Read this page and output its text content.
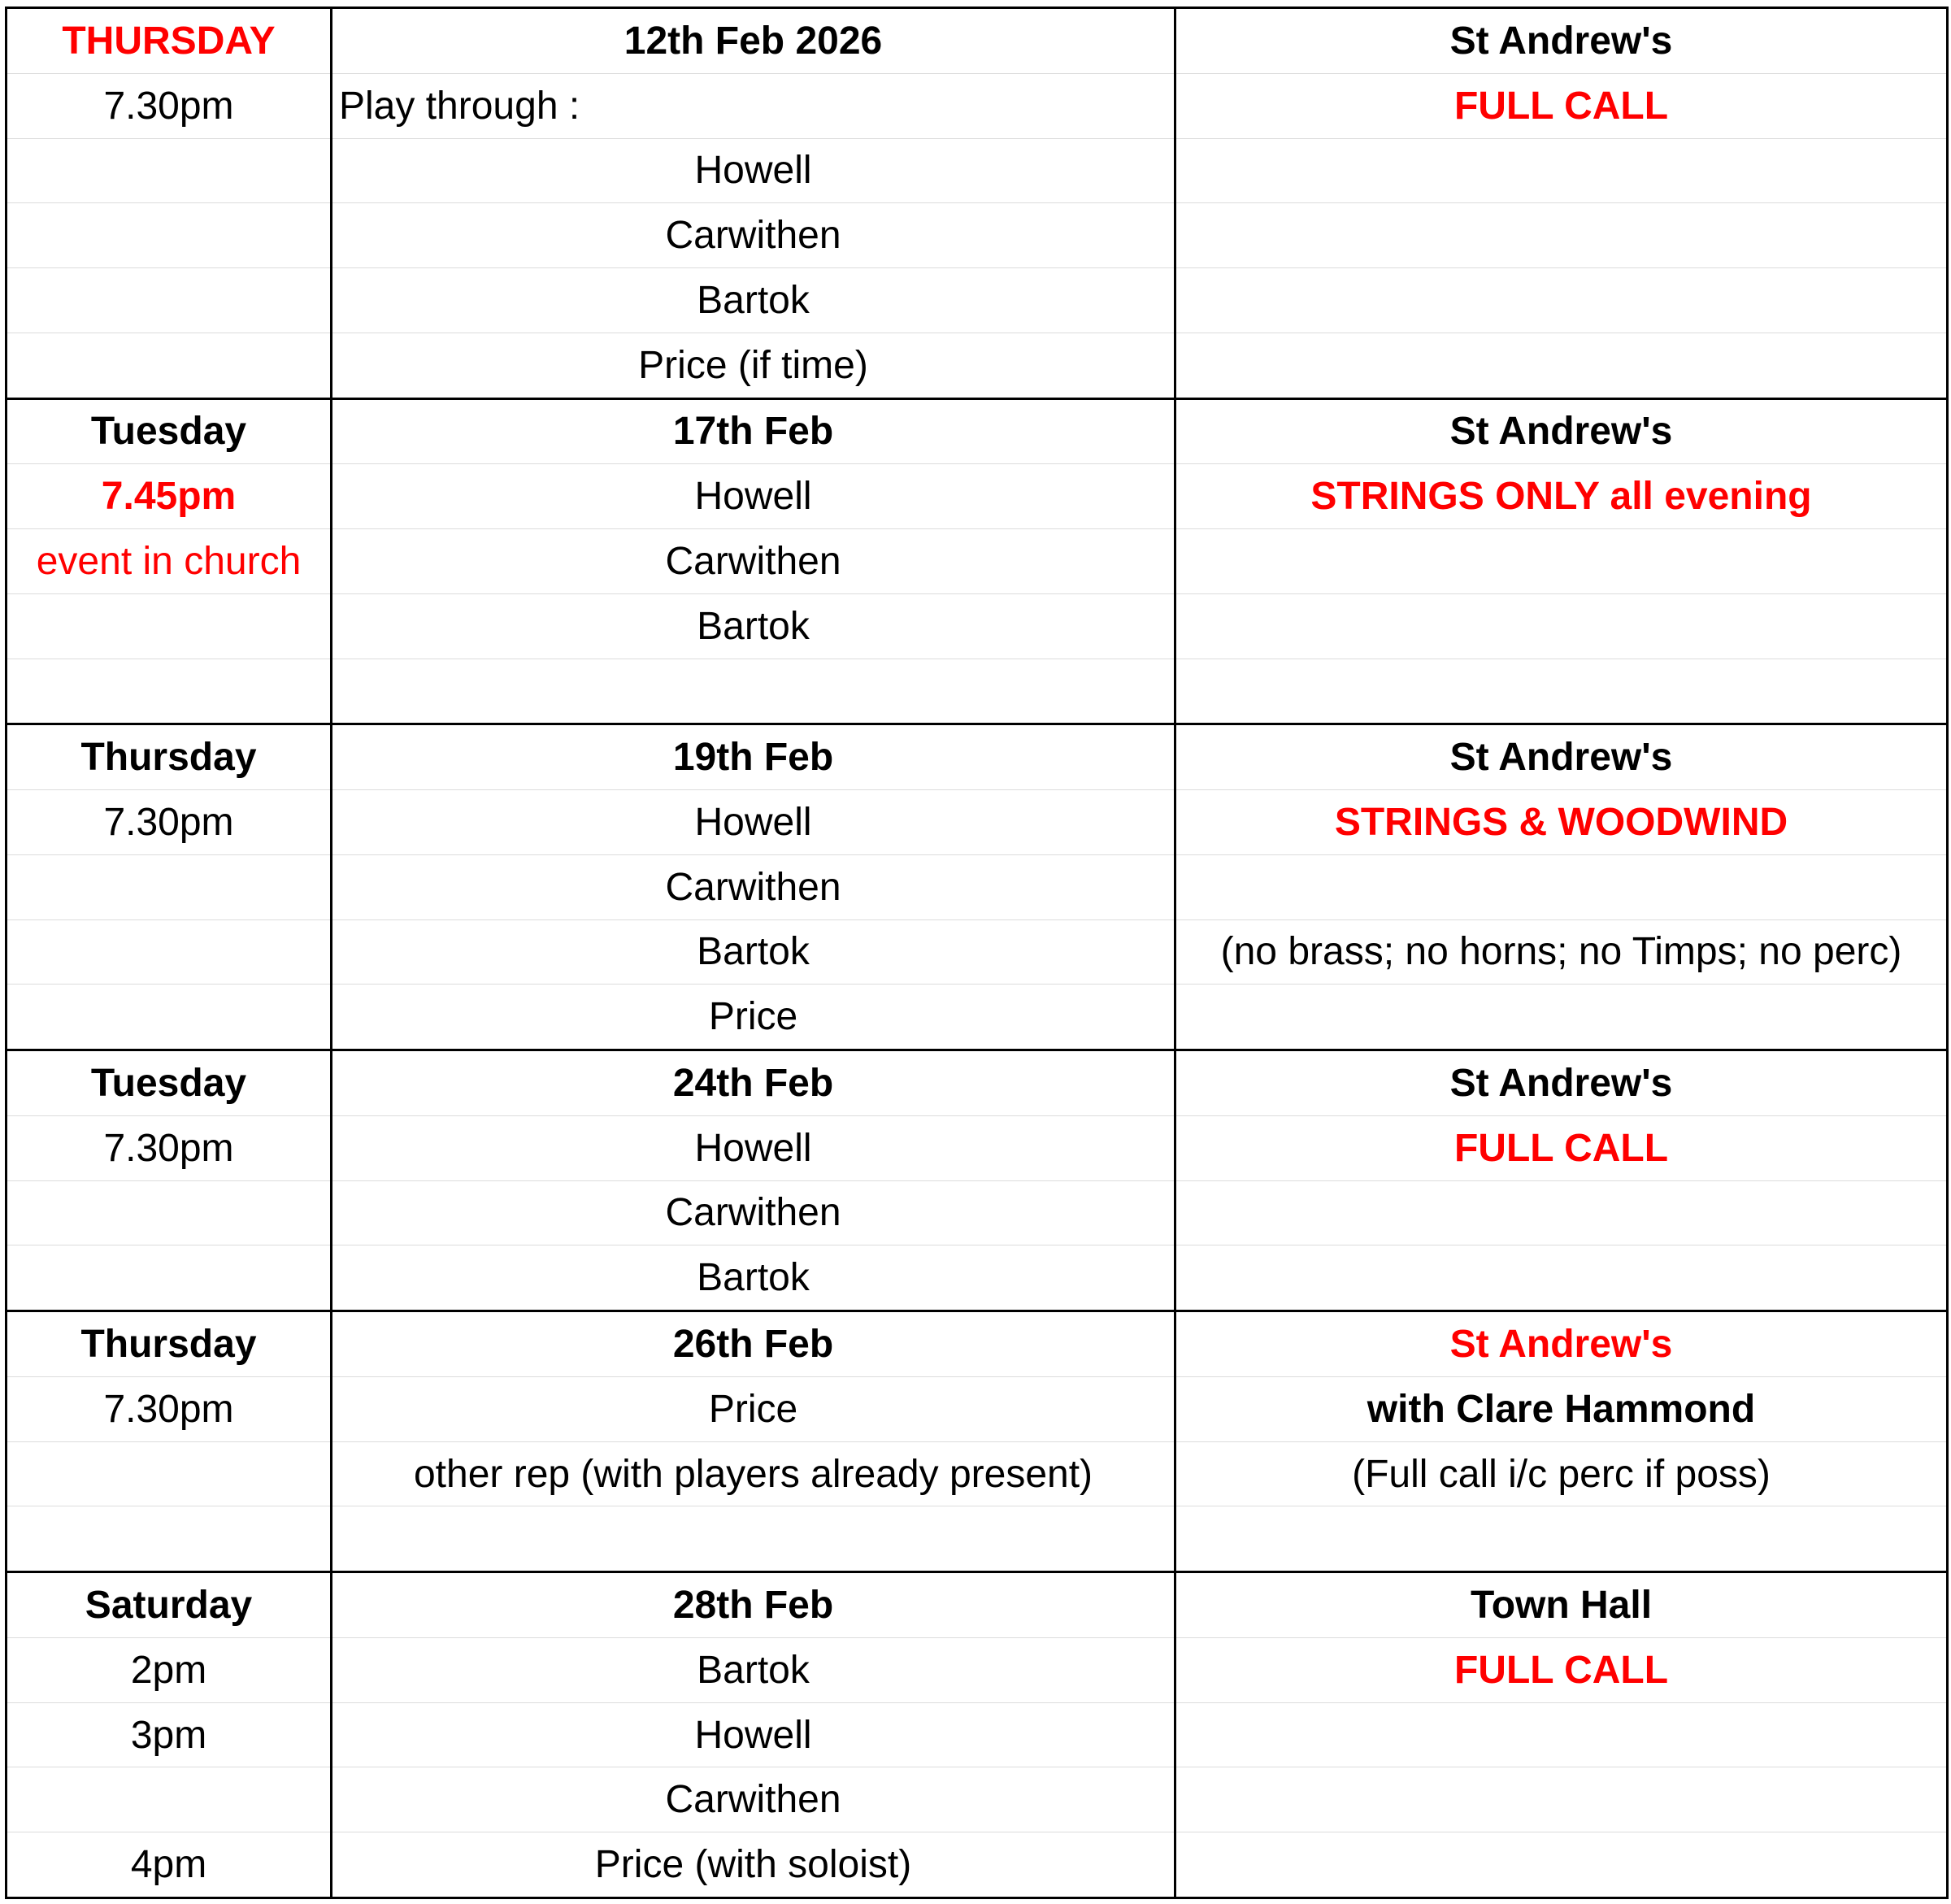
THURSDAY	12th Feb 2026	St Andrew's
7.30pm	Play through :	FULL CALL
	Howell	
	Carwithen	
	Bartok	
	Price (if time)	
Tuesday	17th Feb	St Andrew's
7.45pm	Howell	STRINGS ONLY all evening
event in church	Carwithen	
	Bartok	

Thursday	19th Feb	St Andrew's
7.30pm	Howell	STRINGS & WOODWIND
	Carwithen	
	Bartok	(no brass; no horns; no Timps; no perc)
	Price	
Tuesday	24th Feb	St Andrew's
7.30pm	Howell	FULL CALL
	Carwithen	
	Bartok	
Thursday	26th Feb	St Andrew's
7.30pm	Price	with Clare Hammond
	other rep (with players already present)	(Full call i/c perc if poss)

Saturday	28th Feb	Town Hall
2pm	Bartok	FULL CALL
3pm	Howell	
	Carwithen	
4pm	Price (with soloist)	
